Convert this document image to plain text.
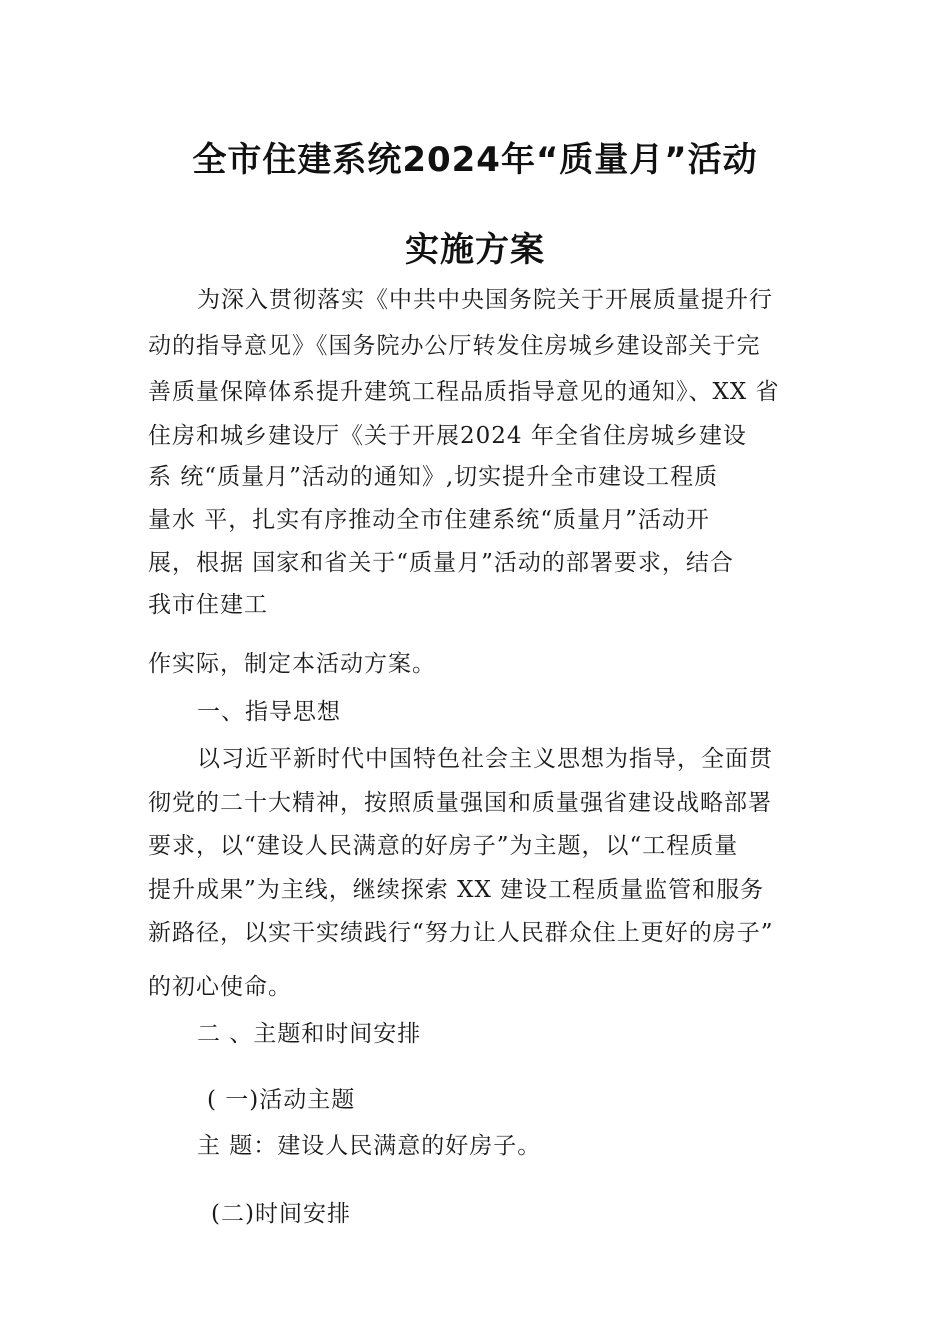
全市住建系统2024年“质量月”活动
实施方案

为深入贯彻落实《中共中央国务院关于开展质量提升行

动的指导意见》《国务院办公厅转发住房城乡建设部关于完

善质量保障体系提升建筑工程品质指导意见的通知》、XX 省

住房和城乡建设厅《关于开展2024 年全省住房城乡建设

系 统“质量月”活动的通知》,切实提升全市建设工程质

量水 平，扎实有序推动全市住建系统“质量月”活动开

展，根据 国家和省关于“质量月”活动的部署要求，结合

我市住建工

作实际，制定本活动方案。

一、指导思想

以习近平新时代中国特色社会主义思想为指导，全面贯

彻党的二十大精神，按照质量强国和质量强省建设战略部署

要求，以“建设人民满意的好房子”为主题，以“工程质量

提升成果”为主线，继续探索 XX 建设工程质量监管和服务

新路径，以实干实绩践行“努力让人民群众住上更好的房子”

的初心使命。

二 、主题和时间安排

( 一)活动主题

主 题：建设人民满意的好房子。

(二)时间安排
